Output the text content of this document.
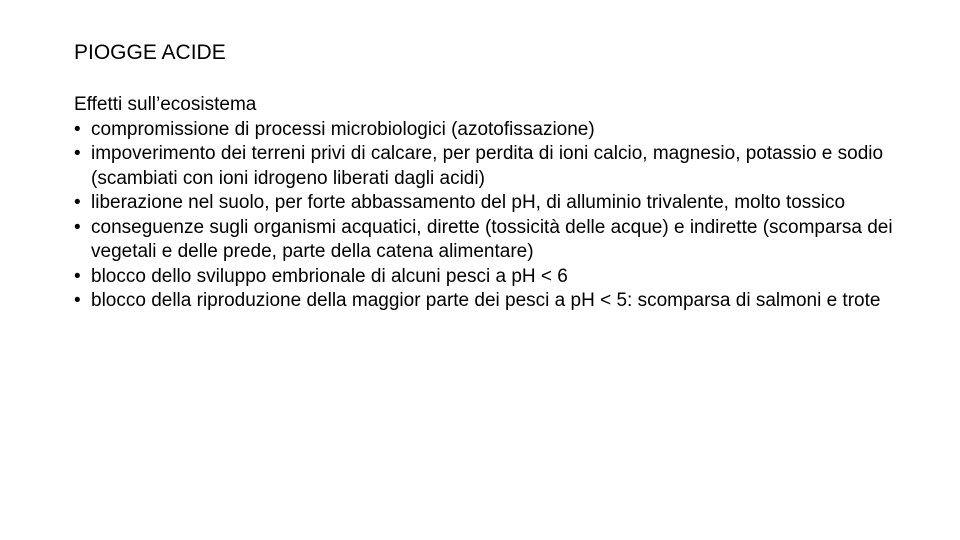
PIOGGE ACIDE

Effetti sull’ecosistema

• compromissione di processi microbiologici (azotofissazione)
• impoverimento dei terreni privi di calcare, per perdita di ioni calcio, magnesio, potassio e sodio (scambiati con ioni idrogeno liberati dagli acidi)
• liberazione nel suolo, per forte abbassamento del pH, di alluminio trivalente, molto tossico
• conseguenze sugli organismi acquatici, dirette (tossicità delle acque) e indirette (scomparsa dei vegetali e delle prede, parte della catena alimentare)
• blocco dello sviluppo embrionale di alcuni pesci a pH < 6
• blocco della riproduzione della maggior parte dei pesci a pH < 5: scomparsa di salmoni e trote
